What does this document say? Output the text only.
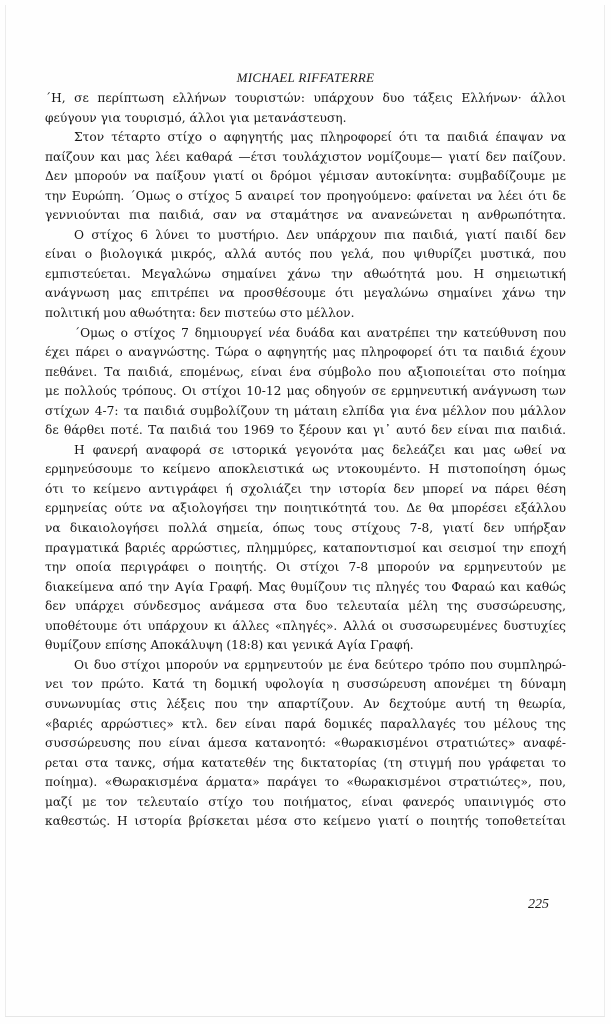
MICHAEL RIFFATERRE
΄Η, σε περίπτωση ελλήνων τουριστών: υπάρχουν δυο τάξεις Ελλήνων· άλλοι
φεύγουν για τουρισμό, άλλοι για μετανάστευση.
Στον τέταρτο στίχο ο αφηγητής μας πληροφορεί ότι τα παιδιά έπαψαν να
παίζουν και μας λέει καθαρά —έτσι τουλάχιστον νομίζουμε— γιατί δεν παίζουν.
Δεν μπορούν να παίξουν γιατί οι δρόμοι γέμισαν αυτοκίνητα: συμβαδίζουμε με
την Ευρώπη. ΄Ομως ο στίχος 5 αναιρεί τον προηγούμενο: φαίνεται να λέει ότι δε
γεννιούνται πια παιδιά, σαν να σταμάτησε να ανανεώνεται η ανθρωπότητα.
Ο στίχος 6 λύνει το μυστήριο. Δεν υπάρχουν πια παιδιά, γιατί παιδί δεν
είναι ο βιολογικά μικρός, αλλά αυτός που γελά, που ψιθυρίζει μυστικά, που
εμπιστεύεται. Μεγαλώνω σημαίνει χάνω την αθωότητά μου. Η σημειωτική
ανάγνωση μας επιτρέπει να προσθέσουμε ότι μεγαλώνω σημαίνει χάνω την
πολιτική μου αθωότητα: δεν πιστεύω στο μέλλον.
΄Ομως ο στίχος 7 δημιουργεί νέα δυάδα και ανατρέπει την κατεύθυνση που
έχει πάρει ο αναγνώστης. Τώρα ο αφηγητής μας πληροφορεί ότι τα παιδιά έχουν
πεθάνει. Τα παιδιά, επομένως, είναι ένα σύμβολο που αξιοποιείται στο ποίημα
με πολλούς τρόπους. Οι στίχοι 10-12 μας οδηγούν σε ερμηνευτική ανάγνωση των
στίχων 4-7: τα παιδιά συμβολίζουν τη μάταιη ελπίδα για ένα μέλλον που μάλλον
δε θάρθει ποτέ. Τα παιδιά του 1969 το ξέρουν και γι᾿ αυτό δεν είναι πια παιδιά.
Η φανερή αναφορά σε ιστορικά γεγονότα μας δελεάζει και μας ωθεί να
ερμηνεύσουμε το κείμενο αποκλειστικά ως ντοκουμέντο. Η πιστοποίηση όμως
ότι το κείμενο αντιγράφει ή σχολιάζει την ιστορία δεν μπορεί να πάρει θέση
ερμηνείας ούτε να αξιολογήσει την ποιητικότητά του. Δε θα μπορέσει εξάλλου
να δικαιολογήσει πολλά σημεία, όπως τους στίχους 7-8, γιατί δεν υπήρξαν
πραγματικά βαριές αρρώστιες, πλημμύρες, καταποντισμοί και σεισμοί την εποχή
την οποία περιγράφει ο ποιητής. Οι στίχοι 7-8 μπορούν να ερμηνευτούν με
διακείμενα από την Αγία Γραφή. Μας θυμίζουν τις πληγές του Φαραώ και καθώς
δεν υπάρχει σύνδεσμος ανάμεσα στα δυο τελευταία μέλη της συσσώρευσης,
υποθέτουμε ότι υπάρχουν κι άλλες «πληγές». Αλλά οι συσσωρευμένες δυστυχίες
θυμίζουν επίσης Αποκάλυψη (18:8) και γενικά Αγία Γραφή.
Οι δυο στίχοι μπορούν να ερμηνευτούν με ένα δεύτερο τρόπο που συμπληρώ-
νει τον πρώτο. Κατά τη δομική υφολογία η συσσώρευση απονέμει τη δύναμη
συνωνυμίας στις λέξεις που την απαρτίζουν. Αν δεχτούμε αυτή τη θεωρία,
«βαριές αρρώστιες» κτλ. δεν είναι παρά δομικές παραλλαγές του μέλους της
συσσώρευσης που είναι άμεσα κατανοητό: «θωρακισμένοι στρατιώτες» αναφέ-
ρεται στα τανκς, σήμα κατατεθέν της δικτατορίας (τη στιγμή που γράφεται το
ποίημα). «Θωρακισμένα άρματα» παράγει το «θωρακισμένοι στρατιώτες», που,
μαζί με τον τελευταίο στίχο του ποιήματος, είναι φανερός υπαινιγμός στο
καθεστώς. Η ιστορία βρίσκεται μέσα στο κείμενο γιατί ο ποιητής τοποθετείται
225
